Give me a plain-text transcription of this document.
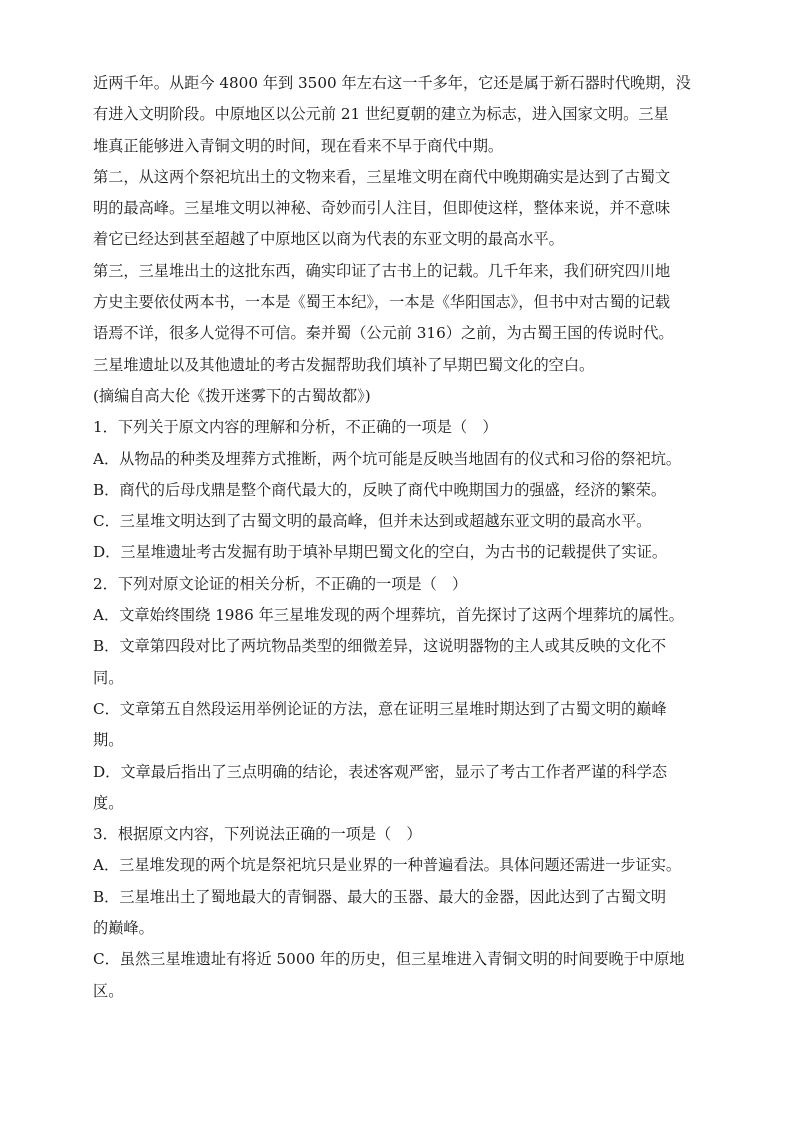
近两千年。从距今 4800 年到 3500 年左右这一千多年，它还是属于新石器时代晚期，没
有进入文明阶段。中原地区以公元前 21 世纪夏朝的建立为标志，进入国家文明。三星
堆真正能够进入青铜文明的时间，现在看来不早于商代中期。
第二，从这两个祭祀坑出土的文物来看，三星堆文明在商代中晚期确实是达到了古蜀文
明的最高峰。三星堆文明以神秘、奇妙而引人注目，但即使这样，整体来说，并不意味
着它已经达到甚至超越了中原地区以商为代表的东亚文明的最高水平。
第三，三星堆出土的这批东西，确实印证了古书上的记载。几千年来，我们研究四川地
方史主要依仗两本书，一本是《蜀王本纪》，一本是《华阳国志》，但书中对古蜀的记载
语焉不详，很多人觉得不可信。秦并蜀（公元前 316）之前，为古蜀王国的传说时代。
三星堆遗址以及其他遗址的考古发掘帮助我们填补了早期巴蜀文化的空白。
(摘编自高大伦《拨开迷雾下的古蜀故都》)
1．下列关于原文内容的理解和分析，不正确的一项是（　）
A．从物品的种类及埋葬方式推断，两个坑可能是反映当地固有的仪式和习俗的祭祀坑。
B．商代的后母戊鼎是整个商代最大的，反映了商代中晚期国力的强盛，经济的繁荣。
C．三星堆文明达到了古蜀文明的最高峰，但并未达到或超越东亚文明的最高水平。
D．三星堆遗址考古发掘有助于填补早期巴蜀文化的空白，为古书的记载提供了实证。
2．下列对原文论证的相关分析，不正确的一项是（　）
A．文章始终围绕 1986 年三星堆发现的两个埋葬坑，首先探讨了这两个埋葬坑的属性。
B．文章第四段对比了两坑物品类型的细微差异，这说明器物的主人或其反映的文化不
同。
C．文章第五自然段运用举例论证的方法，意在证明三星堆时期达到了古蜀文明的巅峰
期。
D．文章最后指出了三点明确的结论，表述客观严密，显示了考古工作者严谨的科学态
度。
3．根据原文内容，下列说法正确的一项是（　）
A．三星堆发现的两个坑是祭祀坑只是业界的一种普遍看法。具体问题还需进一步证实。
B．三星堆出土了蜀地最大的青铜器、最大的玉器、最大的金器，因此达到了古蜀文明
的巅峰。
C．虽然三星堆遗址有将近 5000 年的历史，但三星堆进入青铜文明的时间要晚于中原地
区。
